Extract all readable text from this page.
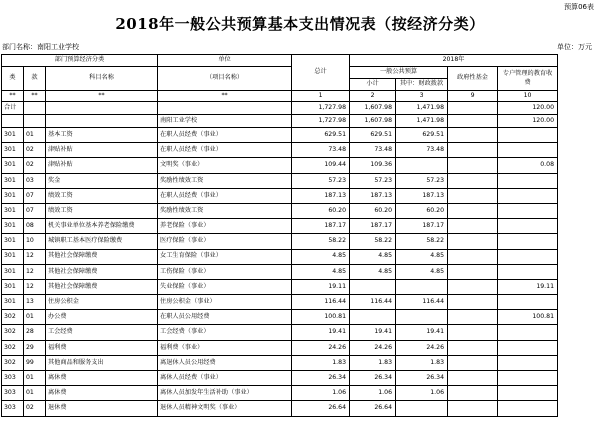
预算06表
2018年一般公共预算基本支出情况表（按经济分类）
部门名称：南阳工业学校	单位：万元
部门预算经济分类			单位	总计	2018年			
类	款	科目名称	（项目名称）		一般公共预算		政府性基金	专户管理的教育收费
					小计	其中：财政拨款		
**	**	**	**	1	2	3	9	10
合计				1,727.98	1,607.98	1,471.98		120.00
			南阳工业学校	1,727.98	1,607.98	1,471.98		120.00
301	01	基本工资	在职人员经费（事业）	629.51	629.51	629.51		
301	02	津贴补贴	在职人员经费（事业）	73.48	73.48	73.48		
301	02	津贴补贴	文明奖（事业）	109.44	109.36			0.08
301	03	奖金	奖励性绩效工资	57.23	57.23	57.23		
301	07	绩效工资	在职人员经费（事业）	187.13	187.13	187.13		
301	07	绩效工资	奖励性绩效工资	60.20	60.20	60.20		
301	08	机关事业单位基本养老保险缴费	养老保险（事业）	187.17	187.17	187.17		
301	10	城镇职工基本医疗保险缴费	医疗保险（事业）	58.22	58.22	58.22		
301	12	其他社会保障缴费	女工生育保险（事业）	4.85	4.85	4.85		
301	12	其他社会保障缴费	工伤保险（事业）	4.85	4.85	4.85		
301	12	其他社会保障缴费	失业保险（事业）	19.11				19.11
301	13	住房公积金	住房公积金（事业）	116.44	116.44	116.44		
302	01	办公费	在职人员公用经费	100.81				100.81
302	28	工会经费	工会经费（事业）	19.41	19.41	19.41		
302	29	福利费	福利费（事业）	24.26	24.26	24.26		
302	99	其他商品和服务支出	离退休人员公用经费	1.83	1.83	1.83		
303	01	离休费	离休人员经费（事业）	26.34	26.34	26.34		
303	01	离休费	离休人员加发年生活补助（事业）	1.06	1.06	1.06		
303	02	退休费	退休人员精神文明奖（事业）	26.64	26.64			
